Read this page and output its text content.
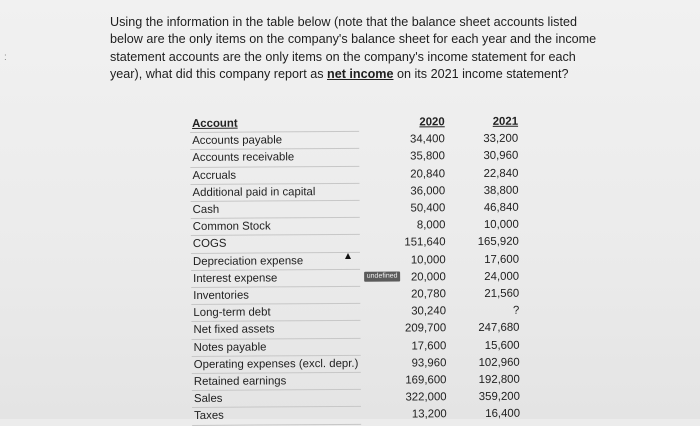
:

Using the information in the table below (note that the balance sheet accounts listed below are the only items on the company's balance sheet for each year and the income statement accounts are the only items on the company's income statement for each year), what did this company report as net income on its 2021 income statement?

Account		2020		2021
Accounts payable		34,400		33,200
Accounts receivable		35,800		30,960
Accruals		20,840		22,840
Additional paid in capital		36,000		38,800
Cash		50,400		46,840
Common Stock		8,000		10,000
COGS		151,640		165,920
Depreciation expense		10,000		17,600
Interest expense	undefined	20,000		24,000
Inventories		20,780		21,560
Long-term debt		30,240		?
Net fixed assets		209,700		247,680
Notes payable		17,600		15,600
Operating expenses (excl. depr.)		93,960		102,960
Retained earnings		169,600		192,800
Sales		322,000		359,200
Taxes		13,200		16,400
